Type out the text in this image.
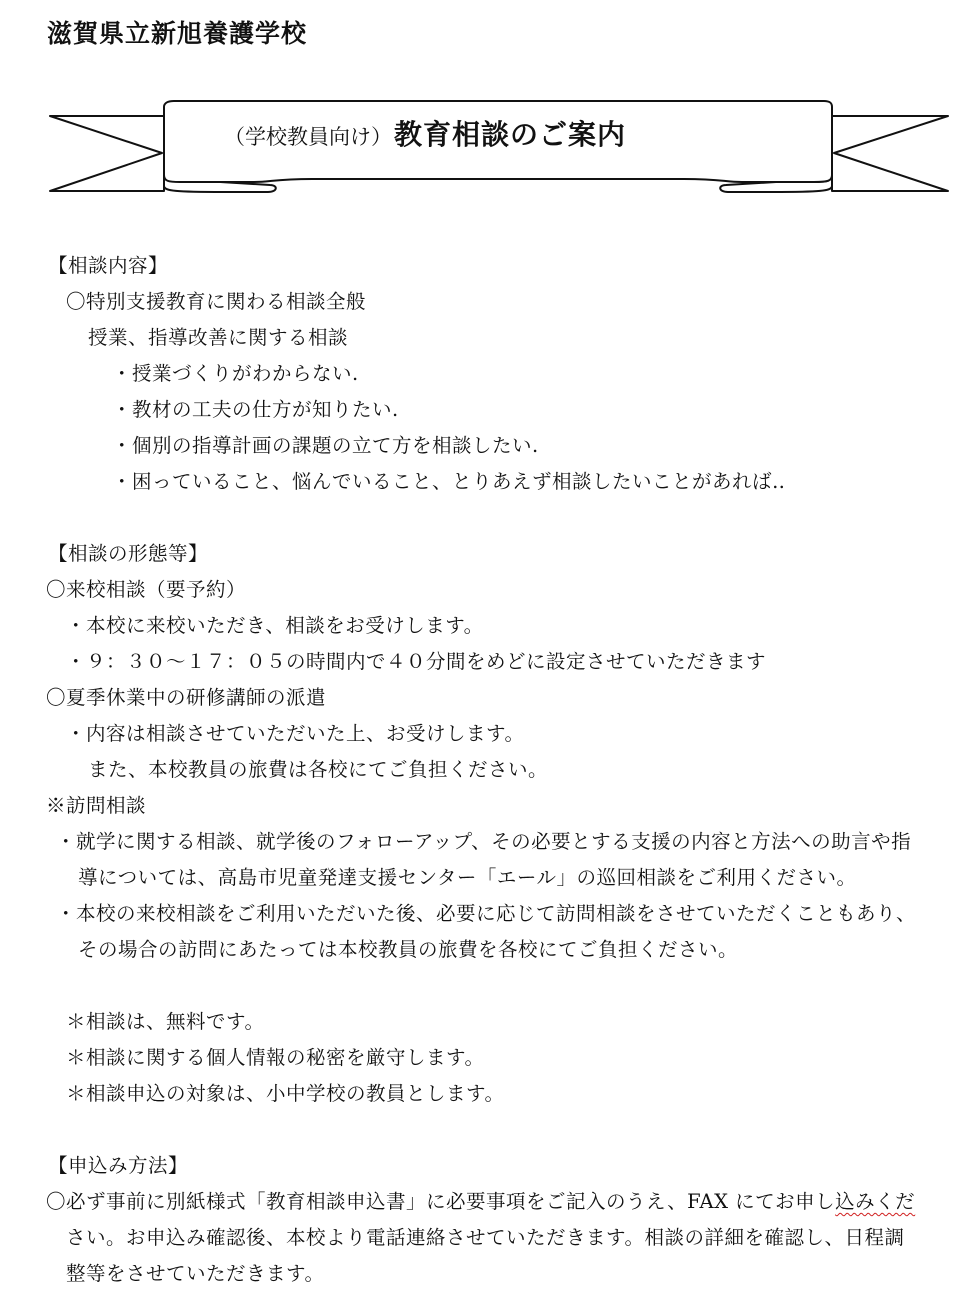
滋賀県立新旭養護学校
（学校教員向け） 教育相談のご案内
【相談内容】
〇特別支援教育に関わる相談全般
授業、指導改善に関する相談
・授業づくりがわからない.
・教材の工夫の仕方が知りたい.
・個別の指導計画の課題の立て方を相談したい.
・困っていること、悩んでいること、とりあえず相談したいことがあれば‥
【相談の形態等】
〇来校相談（要予約）
・本校に来校いただき、相談をお受けします。
・９：３０～１７：０５の時間内で４０分間をめどに設定させていただきます
〇夏季休業中の研修講師の派遣
・内容は相談させていただいた上、お受けします。
また、本校教員の旅費は各校にてご負担ください。
※訪問相談
・就学に関する相談、就学後のフォローアップ、その必要とする支援の内容と方法への助言や指
導については、高島市児童発達支援センター「エール」の巡回相談をご利用ください。
・本校の来校相談をご利用いただいた後、必要に応じて訪問相談をさせていただくこともあり、
その場合の訪問にあたっては本校教員の旅費を各校にてご負担ください。
＊相談は、無料です。
＊相談に関する個人情報の秘密を厳守します。
＊相談申込の対象は、小中学校の教員とします。
【申込み方法】
〇必ず事前に別紙様式「教育相談申込書」に必要事項をご記入のうえ、FAX にてお申し込みくだ
さい。お申込み確認後、本校より電話連絡させていただきます。相談の詳細を確認し、日程調
整等をさせていただきます。
